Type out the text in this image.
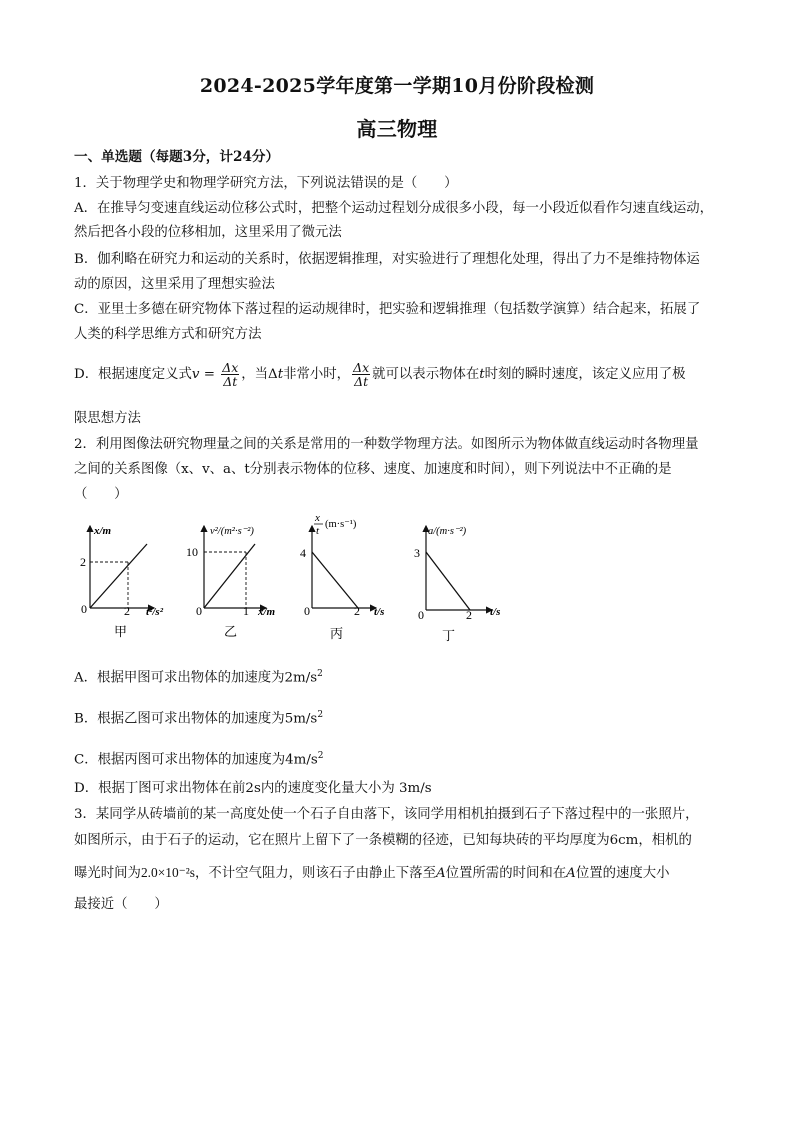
2024-2025学年度第一学期10月份阶段检测
高三物理
一、单选题（每题3分，计24分）
1．关于物理学史和物理学研究方法，下列说法错误的是（　　）
A．在推导匀变速直线运动位移公式时，把整个运动过程划分成很多小段，每一小段近似看作匀速直线运动，
然后把各小段的位移相加，这里采用了微元法
B．伽利略在研究力和运动的关系时，依据逻辑推理，对实验进行了理想化处理，得出了力不是维持物体运
动的原因，这里采用了理想实验法
C．亚里士多德在研究物体下落过程的运动规律时，把实验和逻辑推理（包括数学演算）结合起来，拓展了
人类的科学思维方式和研究方法
D．根据速度定义式$v = \frac{\Delta x}{\Delta t}$ ，当Δt非常小时， $\frac{\Delta x}{\Delta t}$ 就可以表示物体在t时刻的瞬时速度，该定义应用了极
限思想方法
2．利用图像法研究物理量之间的关系是常用的一种数学物理方法。如图所示为物体做直线运动时各物理量
之间的关系图像（x、v、a、t分别表示物体的位移、速度、加速度和时间），则下列说法中不正确的是
（　　）
x/m
2
0	2 t²/s²
甲
v²/(m²·s⁻²)
10
0	1 x/m
乙
x
t
(m·s⁻¹)
4
0	2 t/s
丙
a/(m·s⁻²)
3
0	2 t/s
丁
A．根据甲图可求出物体的加速度为$2m/s^2$
B．根据乙图可求出物体的加速度为$5m/s^2$
C．根据丙图可求出物体的加速度为$4m/s^2$
D．根据丁图可求出物体在前2s内的速度变化量大小为 3m/s
3．某同学从砖墙前的某一高度处使一个石子自由落下，该同学用相机拍摄到石子下落过程中的一张照片，
如图所示，由于石子的运动，它在照片上留下了一条模糊的径迹，已知每块砖的平均厚度为6cm，相机的
曝光时间为2.0×10⁻²s，不计空气阻力，则该石子由静止下落至A位置所需的时间和在A位置的速度大小
最接近（　　）
